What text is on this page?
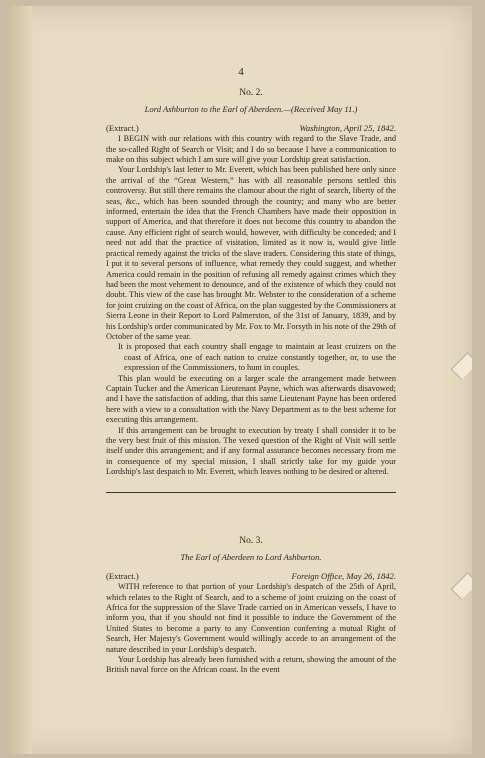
4

No. 2.

Lord Ashburton to the Earl of Aberdeen.—(Received May 11.)

(Extract.)	Washington, April 25, 1842.

I BEGIN with our relations with this country with regard to the Slave Trade, and the so-called Right of Search or Visit; and I do so because I have a communication to make on this subject which I am sure will give your Lordship great satisfaction.

Your Lordship's last letter to Mr. Everett, which has been published here only since the arrival of the “Great Western,” has with all reasonable persons settled this controversy. But still there remains the clamour about the right of search, liberty of the seas, &c., which has been sounded through the country; and many who are better informed, entertain the idea that the French Chambers have made their opposition in support of America, and that therefore it does not become this country to abandon the cause. Any efficient right of search would, however, with difficulty be conceded; and I need not add that the practice of visitation, limited as it now is, would give little practical remedy against the tricks of the slave traders. Considering this state of things, I put it to several persons of influence, what remedy they could suggest, and whether America could remain in the position of refusing all remedy against crimes which they had been the most vehement to denounce, and of the existence of which they could not doubt. This view of the case has brought Mr. Webster to the consideration of a scheme for joint cruizing on the coast of Africa, on the plan suggested by the Commissioners at Sierra Leone in their Report to Lord Palmerston, of the 31st of January, 1839, and by his Lordship's order communicated by Mr. Fox to Mr. Forsyth in his note of the 29th of October of the same year.

It is proposed that each country shall engage to maintain at least cruizers on the coast of Africa, one of each nation to cruize constantly together, or, to use the expression of the Commissioners, to hunt in couples.

This plan would be executing on a larger scale the arrangement made between Captain Tucker and the American Lieutenant Payne, which was afterwards disavowed; and I have the satisfaction of adding, that this same Lieutenant Payne has been ordered here with a view to a consultation with the Navy Department as to the best scheme for executing this arrangement.

If this arrangement can be brought to execution by treaty I shall consider it to be the very best fruit of this mission. The vexed question of the Right of Visit will settle itself under this arrangement; and if any formal assurance becomes necessary from me in consequence of my special mission, I shall strictly take for my guide your Lordship's last despatch to Mr. Everett, which leaves nothing to be desired or altered.

No. 3.

The Earl of Aberdeen to Lord Ashburton.

(Extract.)	Foreign Office, May 26, 1842.

WITH reference to that portion of your Lordship's despatch of the 25th of April, which relates to the Right of Search, and to a scheme of joint cruizing on the coast of Africa for the suppression of the Slave Trade carried on in American vessels, I have to inform you, that if you should not find it possible to induce the Government of the United States to become a party to any Convention conferring a mutual Right of Search, Her Majesty's Government would willingly accede to an arrangement of the nature described in your Lordship's despatch.

Your Lordship has already been furnished with a return, showing the amount of the British naval force on the African coast. In the event
